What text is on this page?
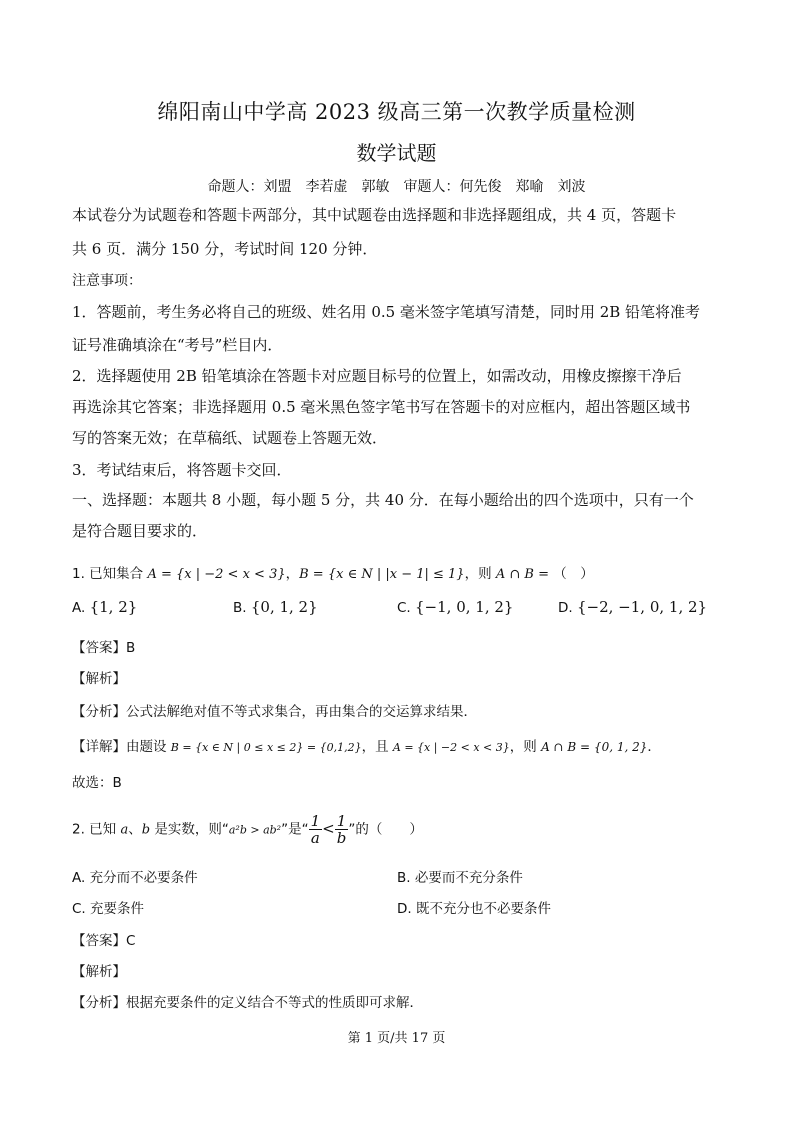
绵阳南山中学高 2023 级高三第一次教学质量检测
数学试题
命题人：刘盟　李若虚　郭敏　审题人：何先俊　郑喻　刘波
本试卷分为试题卷和答题卡两部分，其中试题卷由选择题和非选择题组成，共 4 页，答题卡
共 6 页．满分 150 分，考试时间 120 分钟．
注意事项：
1．答题前，考生务必将自己的班级、姓名用 0.5 毫米签字笔填写清楚，同时用 2B 铅笔将准考
证号准确填涂在“考号”栏目内．
2．选择题使用 2B 铅笔填涂在答题卡对应题目标号的位置上，如需改动，用橡皮擦擦干净后
再选涂其它答案；非选择题用 0.5 毫米黑色签字笔书写在答题卡的对应框内，超出答题区域书
写的答案无效；在草稿纸、试题卷上答题无效．
3．考试结束后，将答题卡交回．
一、选择题：本题共 8 小题，每小题 5 分，共 40 分．在每小题给出的四个选项中，只有一个
是符合题目要求的．
1. 已知集合 A = {x | −2 < x < 3}，B = {x ∈ N | |x − 1| ≤ 1}，则 A ∩ B = （　）
A. {1, 2}	B. {0, 1, 2}	C. {−1, 0, 1, 2}	D. {−2, −1, 0, 1, 2}
【答案】B
【解析】
【分析】公式法解绝对值不等式求集合，再由集合的交运算求结果．
【详解】由题设 B = {x ∈ N | 0 ≤ x ≤ 2} = {0,1,2}，且 A = {x | −2 < x < 3}，则 A ∩ B = {0, 1, 2}．
故选：B
2. 已知 a、b 是实数，则“a²b > ab²”是“ $\frac{1}{a} < \frac{1}{b}$ ”的（　　）
A. 充分而不必要条件	B. 必要而不充分条件
C. 充要条件	D. 既不充分也不必要条件
【答案】C
【解析】
【分析】根据充要条件的定义结合不等式的性质即可求解．
第 1 页/共 17 页
